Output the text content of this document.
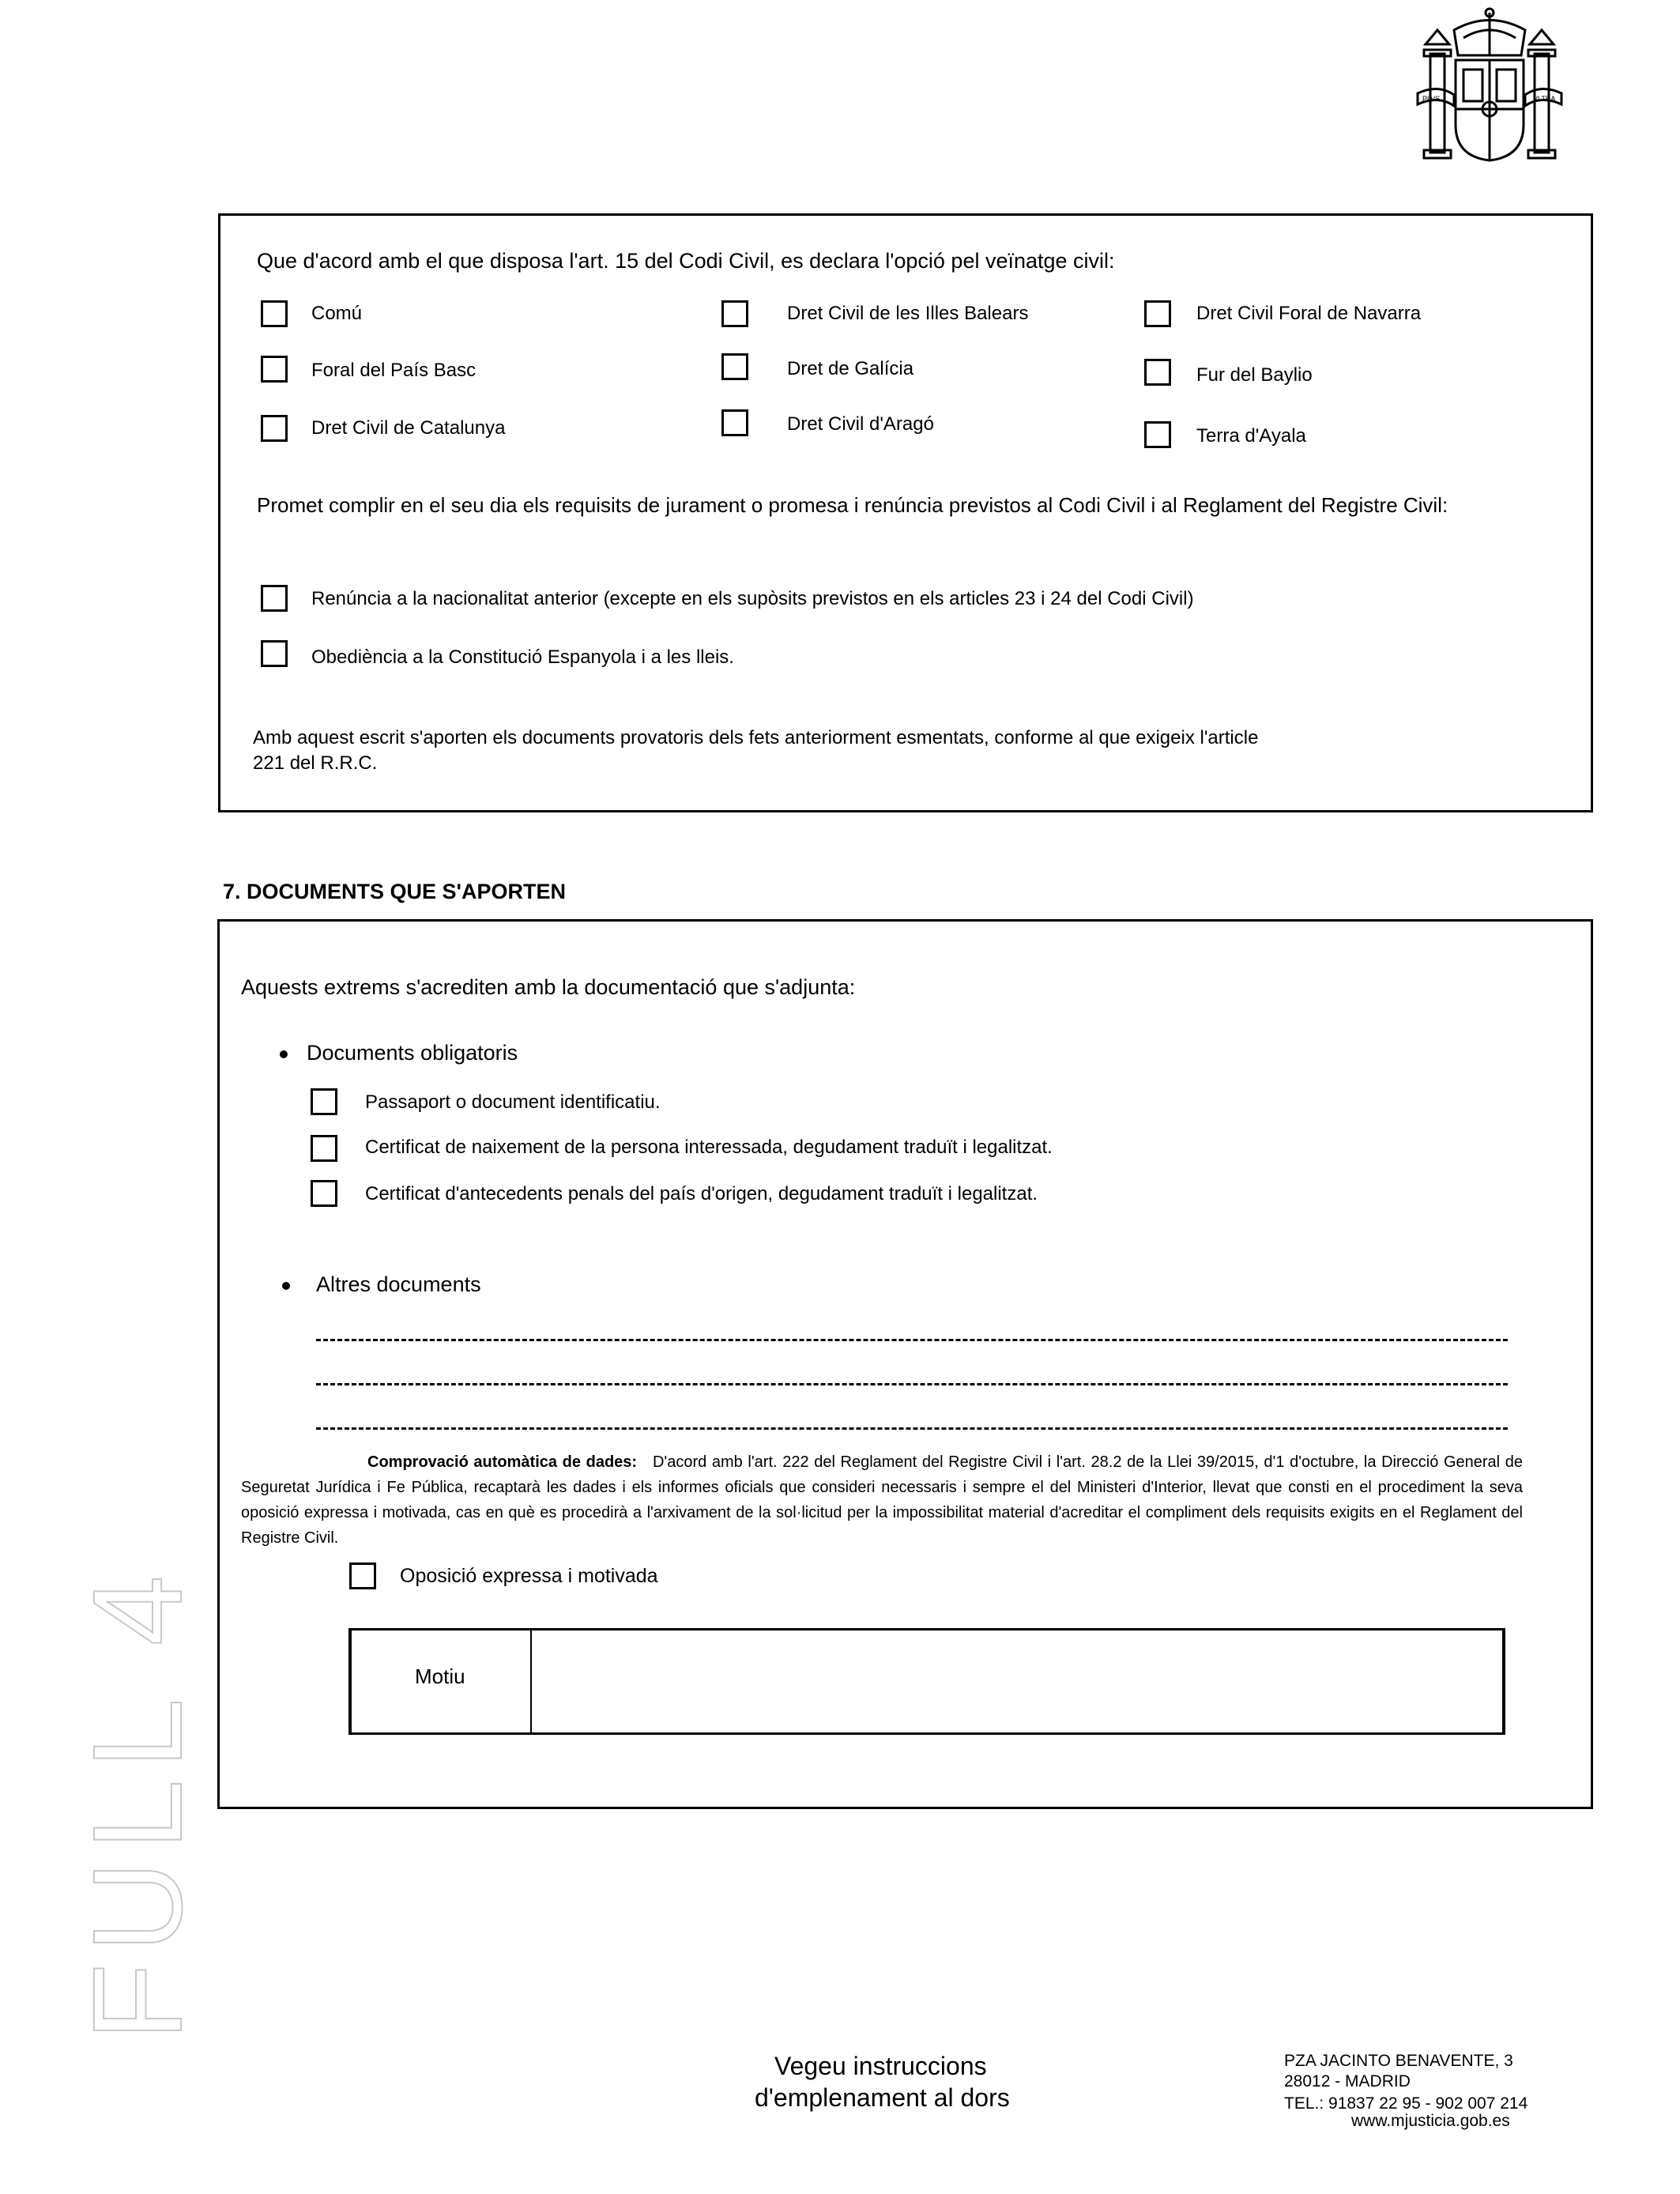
PLVS	VLTRA
Que d'acord amb el que disposa l'art. 15 del Codi Civil, es declara l'opció pel veïnatge civil:
Comú
Foral del País Basc
Dret Civil de Catalunya
Dret Civil de les Illes Balears
Dret de Galícia
Dret Civil d'Aragó
Dret Civil Foral de Navarra
Fur del Baylio
Terra d'Ayala
Promet complir en el seu dia els requisits de jurament o promesa i renúncia previstos al Codi Civil i al Reglament del Registre Civil:
Renúncia a la nacionalitat anterior (excepte en els supòsits previstos en els articles 23 i 24 del Codi Civil)
Obediència a la Constitució Espanyola i a les lleis.
Amb aquest escrit s'aporten els documents provatoris dels fets anteriorment esmentats, conforme al que exigeix l'article
221 del R.R.C.
7. DOCUMENTS QUE S'APORTEN
Aquests extrems s'acrediten amb la documentació que s'adjunta:
Documents obligatoris
Passaport o document identificatiu.
Certificat de naixement de la persona interessada, degudament traduït i legalitzat.
Certificat d'antecedents penals del país d'origen, degudament traduït i legalitzat.
Altres documents
Comprovació automàtica de dades: D'acord amb l'art. 222 del Reglament del Registre Civil i l'art. 28.2 de la Llei 39/2015, d'1 d'octubre, la Direcció General de Seguretat Jurídica i Fe Pública, recaptarà les dades i els informes oficials que consideri necessaris i sempre el del Ministeri d'Interior, llevat que consti en el procediment la seva oposició expressa i motivada, cas en què es procedirà a l'arxivament de la sol·licitud per la impossibilitat material d'acreditar el compliment dels requisits exigits en el Reglament del Registre Civil.
Oposició expressa i motivada
Motiu
FULL 4
Vegeu instruccions
d'emplenament al dors
PZA JACINTO BENAVENTE, 3
28012 - MADRID
TEL.: 91837 22 95 - 902 007 214
www.mjusticia.gob.es
